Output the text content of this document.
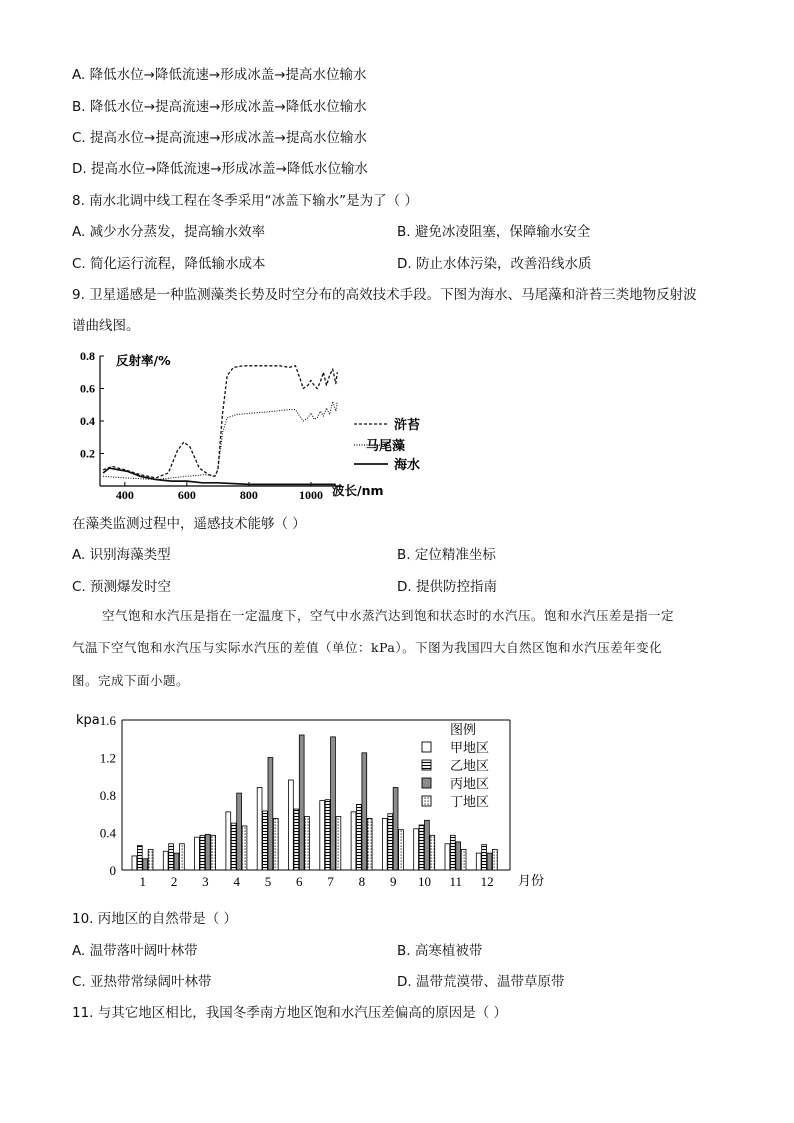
A. 降低水位→降低流速→形成冰盖→提高水位输水
B. 降低水位→提高流速→形成冰盖→降低水位输水
C. 提高水位→提高流速→形成冰盖→提高水位输水
D. 提高水位→降低流速→形成冰盖→降低水位输水
8. 南水北调中线工程在冬季采用“冰盖下输水”是为了（ ）
A. 减少水分蒸发，提高输水效率	B. 避免冰凌阻塞，保障输水安全
C. 简化运行流程，降低输水成本	D. 防止水体污染，改善沿线水质
9. 卫星遥感是一种监测藻类长势及时空分布的高效技术手段。下图为海水、马尾藻和浒苔三类地物反射波
谱曲线图。
反射率/%
波长/nm
0.8
0.6
0.4
0.2
400	600	800	1000
浒苔
马尾藻
海水
在藻类监测过程中，遥感技术能够（ ）
A. 识别海藻类型	B. 定位精准坐标
C. 预测爆发时空	D. 提供防控指南
空气饱和水汽压是指在一定温度下，空气中水蒸汽达到饱和状态时的水汽压。饱和水汽压差是指一定
气温下空气饱和水汽压与实际水汽压的差值（单位：kPa）。下图为我国四大自然区饱和水汽压差年变化
图。完成下面小题。
kpa 1.6
1.2
0.8
0.4
0
1 2 3 4 5 6 7 8 9 10 11 12 月份
图例
甲地区
乙地区
丙地区
丁地区
10. 丙地区的自然带是（ ）
A. 温带落叶阔叶林带	B. 高寒植被带
C. 亚热带常绿阔叶林带	D. 温带荒漠带、温带草原带
11. 与其它地区相比，我国冬季南方地区饱和水汽压差偏高的原因是（ ）
